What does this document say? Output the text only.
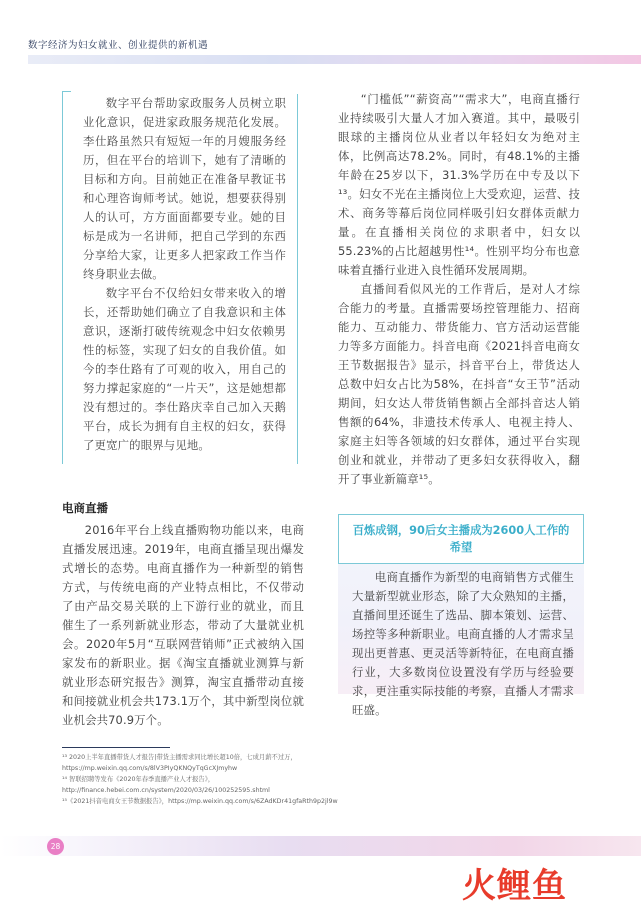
数字经济为妇女就业、创业提供的新机遇

数字平台帮助家政服务人员树立职业化意识，促进家政服务规范化发展。李仕路虽然只有短短一年的月嫂服务经历，但在平台的培训下，她有了清晰的目标和方向。目前她正在准备早教证书和心理咨询师考试。她说，想要获得别人的认可，方方面面都要专业。她的目标是成为一名讲师，把自己学到的东西分享给大家，让更多人把家政工作当作终身职业去做。

数字平台不仅给妇女带来收入的增长，还帮助她们确立了自我意识和主体意识，逐渐打破传统观念中妇女依赖男性的标签，实现了妇女的自我价值。如今的李仕路有了可观的收入，用自己的努力撑起家庭的“一片天”，这是她想都没有想过的。李仕路庆幸自己加入天鹅平台，成长为拥有自主权的妇女，获得了更宽广的眼界与见地。

“门槛低”“薪资高”“需求大”，电商直播行业持续吸引大量人才加入赛道。其中，最吸引眼球的主播岗位从业者以年轻妇女为绝对主体，比例高达78.2%。同时，有48.1%的主播年龄在25岁以下，31.3%学历在中专及以下¹³。妇女不光在主播岗位上大受欢迎，运营、技术、商务等幕后岗位同样吸引妇女群体贡献力量。在直播相关岗位的求职者中，妇女以55.23%的占比超越男性¹⁴。性别平均分布也意味着直播行业进入良性循环发展周期。

直播间看似风光的工作背后，是对人才综合能力的考量。直播需要场控管理能力、招商能力、互动能力、带货能力、官方活动运营能力等多方面能力。抖音电商《2021抖音电商女王节数据报告》显示，抖音平台上，带货达人总数中妇女占比为58%，在抖音“女王节”活动期间，妇女达人带货销售额占全部抖音达人销售额的64%，非遗技术传承人、电视主持人、家庭主妇等各领域的妇女群体，通过平台实现创业和就业，并带动了更多妇女获得收入，翻开了事业新篇章¹⁵。

电商直播

2016年平台上线直播购物功能以来，电商直播发展迅速。2019年，电商直播呈现出爆发式增长的态势。电商直播作为一种新型的销售方式，与传统电商的产业特点相比，不仅带动了由产品交易关联的上下游行业的就业，而且催生了一系列新就业形态，带动了大量就业机会。2020年5月“互联网营销师”正式被纳入国家发布的新职业。据《淘宝直播就业测算与新就业形态研究报告》测算，淘宝直播带动直接和间接就业机会共173.1万个，其中新型岗位就业机会共70.9万个。

百炼成钢，90后女主播成为2600人工作的希望

电商直播作为新型的电商销售方式催生大量新型就业形态，除了大众熟知的主播，直播间里还诞生了选品、脚本策划、运营、场控等多种新职业。电商直播的人才需求呈现出更普惠、更灵活等新特征，在电商直播行业，大多数岗位设置没有学历与经验要求，更注重实际技能的考察，直播人才需求旺盛。

¹³ 2020上半年直播带货人才报告|带货主播需求同比增长超10倍，七成月薪不过万，
https://mp.weixin.qq.com/s/8lV3PIyQKNQyTqGcXJmyhw
¹⁴ 智联招聘等发布《2020年春季直播产业人才报告》，
http://finance.hebei.com.cn/system/2020/03/26/100252595.shtml
¹⁵《2021抖音电商女王节数据报告》，https://mp.weixin.qq.com/s/6ZAdKDr41gfaRth9p2jl9w
28
火鲤鱼
